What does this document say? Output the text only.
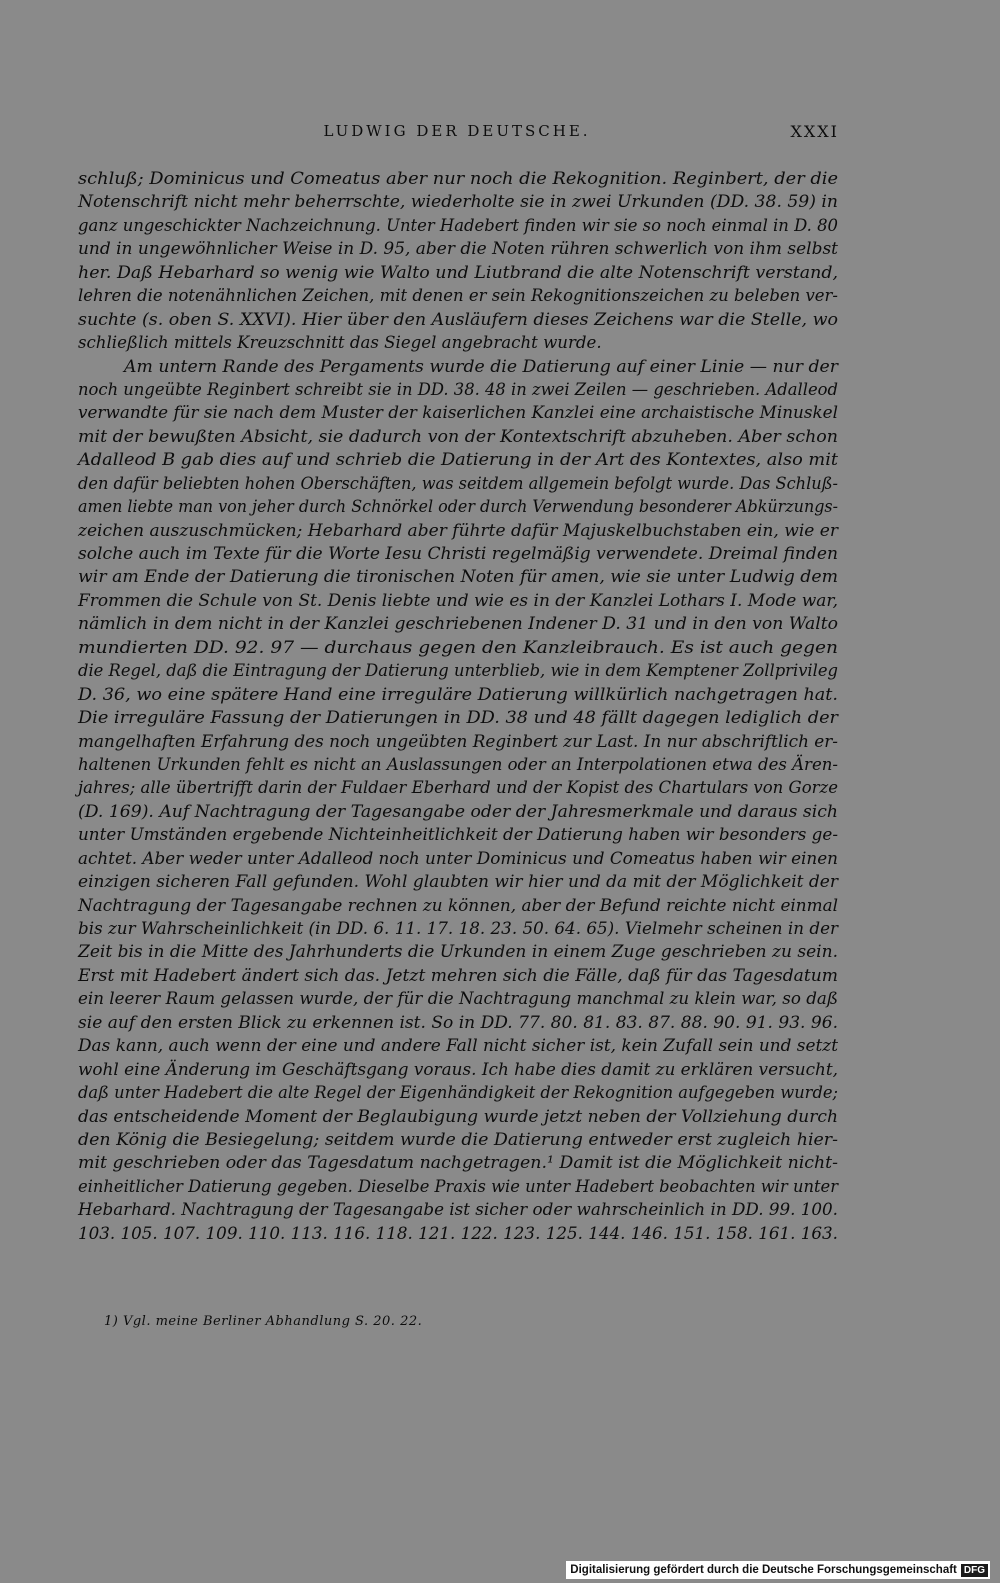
LUDWIG DER DEUTSCHE.	XXXI
schluß; Dominicus und Comeatus aber nur noch die Rekognition. Reginbert, der die
Notenschrift nicht mehr beherrschte, wiederholte sie in zwei Urkunden (DD. 38. 59) in
ganz ungeschickter Nachzeichnung. Unter Hadebert finden wir sie so noch einmal in D. 80
und in ungewöhnlicher Weise in D. 95, aber die Noten rühren schwerlich von ihm selbst
her. Daß Hebarhard so wenig wie Walto und Liutbrand die alte Notenschrift verstand,
lehren die notenähnlichen Zeichen, mit denen er sein Rekognitionszeichen zu beleben ver-
suchte (s. oben S. XXVI). Hier über den Ausläufern dieses Zeichens war die Stelle, wo
schließlich mittels Kreuzschnitt das Siegel angebracht wurde.
Am untern Rande des Pergaments wurde die Datierung auf einer Linie — nur der
noch ungeübte Reginbert schreibt sie in DD. 38. 48 in zwei Zeilen — geschrieben. Adalleod
verwandte für sie nach dem Muster der kaiserlichen Kanzlei eine archaistische Minuskel
mit der bewußten Absicht, sie dadurch von der Kontextschrift abzuheben. Aber schon
Adalleod B gab dies auf und schrieb die Datierung in der Art des Kontextes, also mit
den dafür beliebten hohen Oberschäften, was seitdem allgemein befolgt wurde. Das Schluß-
amen liebte man von jeher durch Schnörkel oder durch Verwendung besonderer Abkürzungs-
zeichen auszuschmücken; Hebarhard aber führte dafür Majuskelbuchstaben ein, wie er
solche auch im Texte für die Worte Iesu Christi regelmäßig verwendete. Dreimal finden
wir am Ende der Datierung die tironischen Noten für amen, wie sie unter Ludwig dem
Frommen die Schule von St. Denis liebte und wie es in der Kanzlei Lothars I. Mode war,
nämlich in dem nicht in der Kanzlei geschriebenen Indener D. 31 und in den von Walto
mundierten DD. 92. 97 — durchaus gegen den Kanzleibrauch. Es ist auch gegen
die Regel, daß die Eintragung der Datierung unterblieb, wie in dem Kemptener Zollprivileg
D. 36, wo eine spätere Hand eine irreguläre Datierung willkürlich nachgetragen hat.
Die irreguläre Fassung der Datierungen in DD. 38 und 48 fällt dagegen lediglich der
mangelhaften Erfahrung des noch ungeübten Reginbert zur Last. In nur abschriftlich er-
haltenen Urkunden fehlt es nicht an Auslassungen oder an Interpolationen etwa des Ären-
jahres; alle übertrifft darin der Fuldaer Eberhard und der Kopist des Chartulars von Gorze
(D. 169). Auf Nachtragung der Tagesangabe oder der Jahresmerkmale und daraus sich
unter Umständen ergebende Nichteinheitlichkeit der Datierung haben wir besonders ge-
achtet. Aber weder unter Adalleod noch unter Dominicus und Comeatus haben wir einen
einzigen sicheren Fall gefunden. Wohl glaubten wir hier und da mit der Möglichkeit der
Nachtragung der Tagesangabe rechnen zu können, aber der Befund reichte nicht einmal
bis zur Wahrscheinlichkeit (in DD. 6. 11. 17. 18. 23. 50. 64. 65). Vielmehr scheinen in der
Zeit bis in die Mitte des Jahrhunderts die Urkunden in einem Zuge geschrieben zu sein.
Erst mit Hadebert ändert sich das. Jetzt mehren sich die Fälle, daß für das Tagesdatum
ein leerer Raum gelassen wurde, der für die Nachtragung manchmal zu klein war, so daß
sie auf den ersten Blick zu erkennen ist. So in DD. 77. 80. 81. 83. 87. 88. 90. 91. 93. 96.
Das kann, auch wenn der eine und andere Fall nicht sicher ist, kein Zufall sein und setzt
wohl eine Änderung im Geschäftsgang voraus. Ich habe dies damit zu erklären versucht,
daß unter Hadebert die alte Regel der Eigenhändigkeit der Rekognition aufgegeben wurde;
das entscheidende Moment der Beglaubigung wurde jetzt neben der Vollziehung durch
den König die Besiegelung; seitdem wurde die Datierung entweder erst zugleich hier-
mit geschrieben oder das Tagesdatum nachgetragen.¹ Damit ist die Möglichkeit nicht-
einheitlicher Datierung gegeben. Dieselbe Praxis wie unter Hadebert beobachten wir unter
Hebarhard. Nachtragung der Tagesangabe ist sicher oder wahrscheinlich in DD. 99. 100.
103. 105. 107. 109. 110. 113. 116. 118. 121. 122. 123. 125. 144. 146. 151. 158. 161. 163.
1) Vgl. meine Berliner Abhandlung S. 20. 22.
Digitalisierung gefördert durch die Deutsche Forschungsgemeinschaft DFG
